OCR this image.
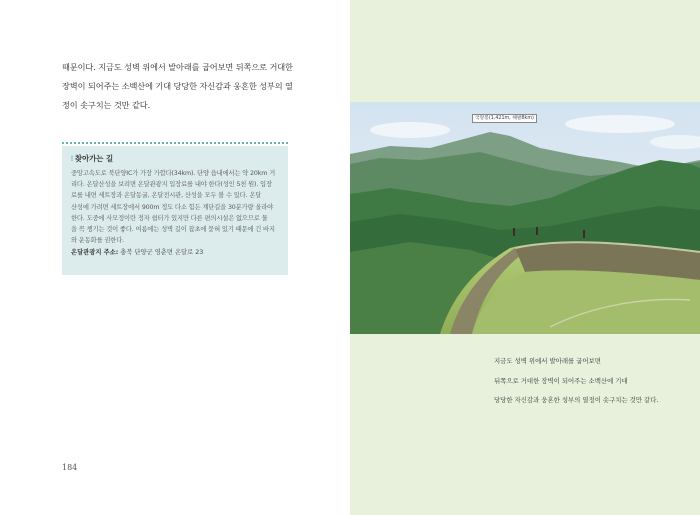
때문이다. 지금도 성벽 위에서 발아래를 굽어보면 뒤쪽으로 거대한
장벽이 되어주는 소백산에 기대 당당한 자신감과 웅혼한 성부의 열
정이 솟구치는 것만 같다.
⫶ 찾아가는 길
중앙고속도로 북단양IC가 가장 가깝다(34km). 단양 읍내에서는 약 20km 거
리다. 온달산성을 보려면 온달관광지 입장료를 내야 한다(성인 5천 원). 입장
료를 내면 세트장과 온달동굴, 온달전시관, 산성을 모두 볼 수 있다. 온달
산성에 가려면 세트장에서 900m 정도 다소 힘든 계단길을 30분가량 올라야
한다. 도중에 사모정이란 정자 쉼터가 있지만 다른 편의시설은 없으므로 물
을 꼭 챙기는 것이 좋다. 여름에는 성벽 길이 잡초에 묻혀 있기 때문에 긴 바지
와 운동화를 권한다.
온달관광지 주소: 충북 단양군 영춘면 온달로 23
184
국망봉(1,421m, 해발8km)
지금도 성벽 위에서 발아래를 굽어보면
뒤쪽으로 거대한 장벽이 되어주는 소백산에 기대
당당한 자신감과 웅혼한 성부의 열정이 솟구치는 것만 같다.
